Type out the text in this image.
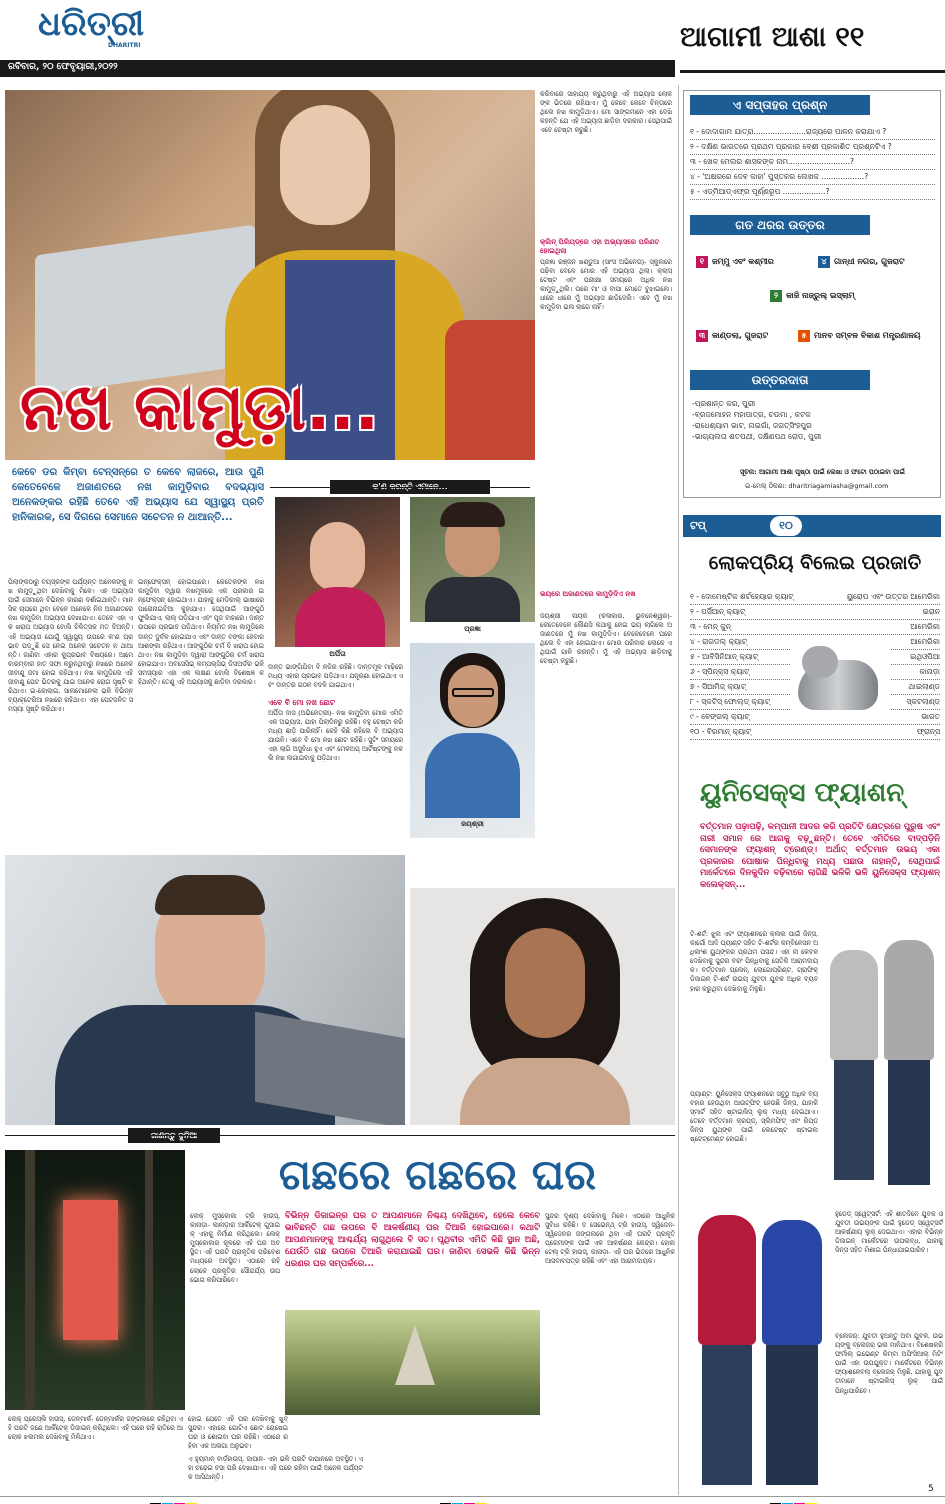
ଧରିତ୍ରୀ
DHARITRI
ରବିବାର, ୨୦ ଫେବୃୟାରୀ,୨୦୨୨
ଆଗାମୀ ଆଶା ୧୧
ନଖ କାମୁଡ଼ା...
କେବେ ଡର କିମ୍ବା ଟେନ୍‌ସନ୍‌ରେ ତ କେବେ ଲାଜରେ, ଆଉ ପୁଣି କେତେବେଳେ ଅଜାଣତରେ ନଖ କାମୁଡ଼ିବାର ବଦଭ୍ୟାସ ଅନେକଙ୍କର ରହିଛି ତେବେ ଏହି ଅଭ୍ୟାସ ଯେ ସ୍ୱାସ୍ଥ୍ୟ ପ୍ରତି ହାନିକାରକ, ସେ ଦିଗରେ ସେମାନେ ସଚେତନ ନ ଥାଆନ୍ତି...
ପିଲାଙ୍କଠାରୁ ବୟସ୍କଙ୍କ ପର୍ଯ୍ୟନ୍ତ ଅନେକଙ୍କୁ ନଖ କାମୁଡ଼ୁଥିବା ଦେଖିବାକୁ ମିଳେ। ଏହ ଅଭ୍ୟାସ ପାଇଁ ସେମାନେ ବିଭିନ୍ନ କାରଣ ଦର୍ଶାଇଥାନ୍ତି। ମାନସିକ ଚାପରେ ଥିବା ବେଳେ ଅନେକେ ନିଜ ଅଜାଣତରେ ନଖ କାମୁଡ଼ିବା ଅଭ୍ୟାସ ଦେଖାଯାଏ। ତେବେ ଏହା ଏକ ଖରାପ ଅଭ୍ୟାସ ବୋଲି ଚିକିତ୍ସକ ମତ ଦିଅନ୍ତି। ଏହି ଅଭ୍ୟାସ ଯୋଗୁଁ ସ୍ୱାସ୍ଥ୍ୟ ଉପରେ କ'ଣ ପ୍ରଭାବ ପଡ଼ୁଛି ସେ ନେଇ ଅନେକ ସଚେତନ ନ ଥାଆନ୍ତି। ଜାଣିବା ଏହାର କୁପ୍ରଭାବ ବିଷୟରେ। ଆମେ ବାରମ୍ବାର ହାତ ସଫା କରୁନଥିବାରୁ ନଖରେ ଅନେକ ଜୀବାଣୁ ଜମା ହୋଇ ରହିଥାଏ। ନଖ କାମୁଡ଼ିଲେ ଏହି ଜୀବାଣୁ ପେଟ ଭିତରକୁ ଯାଇ ଅନେକ ରୋଗ ସୃଷ୍ଟି କରିଥାଏ। ଇ-କୋଲାଇ, ସାଲମୋନେଲା ଭଳି ବିଭିନ୍ନ ବ୍ୟାକ୍ଟେରିଆ ନଖରେ ରହିଥାଏ। ଏହା ପେଟଜନିତ ସମସ୍ୟା ସୃଷ୍ଟି କରିଥାଏ।
ଇନ୍‌ଫେକ୍ସନ୍ ହୋଇପାରେ। କେତେକଙ୍କ ନଖ କାମୁଡ଼ିବା ଦ୍ୱାରା ନଖମୂଳରେ ଏକ ପ୍ରକାର ଇନ୍‌ଫେକ୍ସନ୍ ହୋଇଥାଏ। ଯାହାକୁ ମେଡିକାଲ୍ ଭାଷାରେ ପାରୋନାଇଚିଆ କୁହାଯାଏ। ସେଥିପାଇଁ ଆଙ୍ଗୁଠି ଫୁଲିଯାଏ, ଲାଲ୍ ପଡ଼ିଯାଏ ଏବଂ ପୂଜ ବାହାରେ। ଦାନ୍ତ ଉପରେ ପ୍ରଭାବ ପଡ଼ିଥାଏ। ନିୟମିତ ନଖ କାମୁଡ଼ିଲେ ଦାନ୍ତ ଦୁର୍ବଳ ହୋଇଯାଏ ଏବଂ ଦାନ୍ତ ବଙ୍କା ହେବାର ଆଶଙ୍କା ରହିଥାଏ। ଆଙ୍ଗୁଠିର ଚର୍ମ ବି ଖରାପ ହୋଇଥାଏ। ନଖ କାମୁଡ଼ିବା ଦ୍ୱାରା ଆଙ୍ଗୁଠିର ଚର୍ମ ଖରାପ ହୋଇଯାଏ। ଅବସେସିଭ୍ କମ୍ପଲ୍‌ସିଭ୍ ଡିସଅର୍ଡର ଭଳି ସମସ୍ୟାର ଏହା ଏକ ଲକ୍ଷଣ ବୋଲି ବିଶେଷଜ୍ଞ କହିଥାନ୍ତି। ତେଣୁ ଏହି ଅଭ୍ୟାସକୁ ଛାଡ଼ିବା ଦରକାର।
ଅର୍ପିତା
ପ୍ରଜ୍ଞା
ଦାନ୍ତ ଭାଙ୍ଗିଯିବା ବି ନଜିର ରହିଛି। ଦାନ୍ତମୂଳ ମାଢ଼ିରେ ମଧ୍ୟ ଏହାର ପ୍ରଭାବ ପଡ଼ିଥାଏ। ଯନ୍ତ୍ରଣା ହୋଇଥାଏ ଏବଂ ଦାନ୍ତର ଗଠନ ବଦଳି ଯାଇଥାଏ।
ଏବେ ବି ମୋ ନଖ ଛୋଟ
ଅର୍ପିତା ଦାସ (ଅଭିନେତ୍ରୀ)- ନଖ କାମୁଡ଼ିବା ମୋର ଏମିତି ଏକ ଅଭ୍ୟାସ, ଯାହା ପିଲାଦିନରୁ ରହିଛି। ବହୁ ଚେଷ୍ଟା କରି ମଧ୍ୟ ଛାଡ଼ି ପାରିନାହିଁ। କେହି କିଛି କହିଲେ ବି ଅଭ୍ୟାସ ଯାଉନି। ଏବେ ବି ମୋ ନଖ ଛୋଟ ରହିଛି। ସୁଟିଂ ସମୟରେ ଏହା ଲାଗି ଅସୁବିଧା ହୁଏ ଏବଂ ମେକଅପ୍ ଆର୍ଟିଷ୍ଟଙ୍କୁ ନକଲି ନଖ ଲଗାଇବାକୁ ପଡ଼ିଥାଏ।
ଜୟଶ୍ରୀ
କରିବାରେ ସାହାଯ୍ୟ କରୁଥିବାରୁ ଏହି ଅଭ୍ୟାସ ଲୋକଙ୍କ ଭିତରେ ରହିଯାଏ। ମୁଁ କେବେ କେବେ ଚିନ୍ତାରେ ଥିଲେ ନଖ କାମୁଡ଼ିଥାଏ। ମୋ ସାଙ୍ଗମାନେ ଏହା ଦେଖି କହନ୍ତି ଯେ ଏହି ଅଭ୍ୟାସ ଛାଡ଼ିବା ଦରକାର। ସେଥିପାଇଁ ଏବେ ଚେଷ୍ଟା କରୁଛି।
କ୍ଲିନ୍ ପିରିୟଡ୍‌ରେ ଏହା ଅଭ୍ୟାସରେ ପରିଣତ ହୋଇଥିଲା
ପ୍ରଜ୍ଞା ରଞ୍ଜନ ଖଣ୍ଡୁଆ (ସାଂସ ଅଭିନେତା)- ସ୍କୁଲରେ ପଢ଼ିବା ବେଳେ ମୋର ଏହି ଅଭ୍ୟାସ ଥିଲା। କ୍ଲାସ୍ ଟେଷ୍ଟ ଏବଂ ପରୀକ୍ଷା ସମୟରେ ଅଧିକ ନଖ କାମୁଡ଼ୁଥିଲି। ପରେ ମା' ଓ ବାପା ମୋତେ ବୁଝାଇଲେ। ଧୀରେ ଧୀରେ ମୁଁ ଅଭ୍ୟାସ ଛାଡ଼ିଦେଲି। ଏବେ ମୁଁ ନଖ କାମୁଡ଼ିବା ଭଲ ଲାଗେ ନାହିଁ।
ଭୟରେ ଅଜାଣତରେ କାମୁଡ଼ିଦିଏ ନଖ
ଜୟଶ୍ରୀ ନାୟକ (କଳାକାର, ଭୁବନେଶ୍ୱର)- କେତେବେଳେ କୌଣସି କଥାକୁ ନେଇ ଭୟ ଲାଗିଲେ ଅଜାଣତରେ ମୁଁ ନଖ କାମୁଡ଼ିଦିଏ। ବେଳେବେଳେ ଘରେ ଥିଲେ ବି ଏହା ହୋଇଯାଏ। ମୋର ପରିବାର ଲୋକେ ଏଥିପାଇଁ ଗାଳି କରନ୍ତି। ମୁଁ ଏହି ଅଭ୍ୟାସ ଛାଡ଼ିବାକୁ ଚେଷ୍ଟା କରୁଛି।
ଏ ସପ୍ତାହର ପ୍ରଶ୍ନ
୧ - ଦୋଦାଗାମ ଯାତ୍ରା......................ରାଜ୍ୟରେ ପାଳନ କରାଯାଏ ?
୨ - ଦକ୍ଷିଣ ଭାରତରେ ପ୍ରଥମ ପ୍ରକାର ବେଶୀ ପ୍ରକାଶିତ ପ୍ରଶ୍ନଟିଏ ?
୩ - ଖେଳ ମେଲର ଶାସକଙ୍କ ନାମ..........................?
୪ - 'ଅକ୍ଷରରେ ଦେବ କାହା' ପୁସ୍ତକର ଲେଖକ ..................?
୫ - ଏଡ୍‌ମିଆଡ୍‌ଏଫ୍‌ର ପୂର୍ଣ୍ଣରୂପ ..................?
ଗତ ଥରର ଉତ୍ତର
୧ ଜମ୍ମୁ ଏବଂ କଶ୍ମୀର	୪ ଗାନ୍ଧୀ ନଗର, ଗୁଜରାଟ
୨	କାଜି ନାଜ୍‌ରୁଲ୍ ଇସ୍‌ଲାମ୍
୩ କାଣ୍ଡଲା, ଗୁଜରାଟ	୫ ମାନବ ସମ୍ବଳ ବିକାଶ ମନ୍ତ୍ରଣାଳୟ
ଉତ୍ତରଦାତା
-ପ୍ରଶାନ୍ତ କର, ପୁରୀ
-ବ୍ରଜମୋହନ ମହାପାତ୍ର, ଚଉମା , କଟକ
-ରାଧେଶ୍ୟାମ ଭାଟ, ନାଇଗାଁ, ଜଗତ୍‌ସିଂହପୁର
-ଭାଗ୍ୟଲତା ଶତପଥୀ, ଦକ୍ଷିଣପଥ ରୋଡ, ପୁରୀ
ସୂଚନା: ଆଗାମୀ ଆଶା ପୃଷ୍ଠା ପାଇଁ ଲେଖା ଓ ଫଟୋ ପଠାଇବା ପାଇଁ
ଇ-ମେଲ୍ ଠିକଣା: dharitriagamiasha@gmail.com
ଟପ୍	୧୦
ଲୋକପ୍ରିୟ ବିଲେଇ ପ୍ରଜାତି
୧ - ଦୋମେଷ୍ଟିକ ଶର୍ଟହେୟାର କ୍ୟାଟ୍	ୟୁରୋପ ଏବଂ ଉତ୍ତର ଆମେରିକା
୨ - ପର୍ସିଆନ୍ କ୍ୟାଟ୍	ଇରାନ
୩ - ମେନ୍ କୁନ୍	ଆମେରିକା
୪ - ରାଗଡଲ୍ କ୍ୟାଟ୍	ଆମେରିକା
୫ - ଆବିସିନିଆନ୍ କ୍ୟାଟ୍	ଇଥିଓପିଆ
୬ - ସ୍ପିନ୍‌କ୍ସ କ୍ୟାଟ୍	କାନାଡ଼ା
୭ - ସିଆମିଜ୍ କ୍ୟାଟ୍	ଥାଇଲାଣ୍ଡ
୮ - ସ୍କଟିସ୍ ଫୋଲ୍ଡ୍ କ୍ୟାଟ୍	ସ୍କଟଲାଣ୍ଡ
୯ - ବେଙ୍ଗଲ୍ କ୍ୟାଟ୍	ଭାରତ
୧୦ - ବିରମାନ୍ କ୍ୟାଟ୍	ଫ୍ରାନ୍ସ
ୟୁନିସେକ୍ସ ଫ୍ୟାଶନ୍
ବର୍ତ୍ତମାନ ପଢ଼ାପଢ଼ି, କମ୍ପାନୀ ଆଦର କରି ପ୍ରତିଟି କ୍ଷେତ୍ରରେ ପୁରୁଷ ଏବଂ ନାରୀ ସମାନ ରେ ଆଗକୁ ବଢ଼ୁଛନ୍ତି। ତେବେ ଏମିତିରେ ବାଦ୍‌ପଡ଼ିନି ସେମାନଙ୍କ ଫ୍ୟାଶନ୍ ଟ୍ରେଣ୍ଡ୍। ଅର୍ଥାତ୍ ବର୍ତ୍ତମାନ ଉଭୟ ଏକା ପ୍ରକାରର ପୋଷାକ ପିନ୍ଧିବାକୁ ମଧ୍ୟ ପଛାଉ ନାହାନ୍ତି, ସେଥିପାଇଁ ମାର୍କେଟରେ ଦିନକୁଦିନ ବଢ଼ିବାରେ ଲାଗିଛି ଭଳିକି ଭଳି ୟୁନିସେକ୍ସ ଫ୍ୟାଶନ୍ କଲେକ୍‌ସନ୍...
ଟି-ଶର୍ଟ: ଝୁଲ ଏବଂ ଫ୍ୟାଶନରେ କ୍ଲଲ ପାଇଁ ଜିନ୍ସ, କାର୍ଗୋ ଆଦି ପ୍ୟାଣ୍ଟ ସହିତ ଟି-ଶର୍ଟର କମ୍ବିନେସନ ଅଧିକାଂଶ ୟୁଥ୍‌ଙ୍କର ପ୍ରଥମ ପସନ୍ଦ। ଏହା ନା କେବଳ ଦେଖିବାକୁ ସୁନ୍ଦର ବରଂ ପିନ୍ଧିବାକୁ ସେତିକି ଆରାମଦାୟକ। ବର୍ତ୍ତମାନ ପ୍ଲେନ୍, ଲୋଗୋପ୍ରିଣ୍ଟ, ଗ୍ରାଫିକ୍ ଡିଜାଇନ୍ ଟି-ଶର୍ଟ ଉଭୟ ଯୁବତୀ ଯୁବକ ଅଧିକ ବ୍ୟବହାର କରୁଥିବା ଦେଖିବାକୁ ମିଳୁଛି।
ପ୍ୟାଣ୍ଟ: ୟୁନିସେକ୍ସ ଫ୍ୟାଶନରେ ସବୁଠୁ ଅଧିକ ବ୍ୟବହାର ହେଉଥିବା ଆଉଟ୍‌ଫିଟ୍ ହେଉଛି ଜିନ୍ସ, ଯାହାକି ସ୍ମାର୍ଟ ସହିତ ଷ୍ଟାଇଲିସ୍ ଲୁକ୍ ମଧ୍ୟ ଦେଇଥାଏ। ତେବେ ବର୍ତ୍ତମାନ କ୍ରପ୍‌ଡ୍, ସ୍ଲିମଫିଟ୍ ଏବଂ ରିପ୍‌ଡ୍ ଜିନ୍ସ ୟୁଥ୍‌ଙ୍କ ପାଇଁ ଲେଟେଷ୍ଟ ଷ୍ଟାଇଲ ଷ୍ଟେଟ୍‌ମେଣ୍ଟ ହୋଇଛି।
ହୁଡେଡ୍ ସ୍ୱେଟ୍‌ସର୍ଟ: ଏହି ଶୀତଦିନେ ଯୁବକ ଓ ଯୁବତୀ ଉଭୟଙ୍କ ପାଇଁ ହୁଡେଡ୍ ସ୍ୱେଟ୍‌ସର୍ଟ ଆକର୍ଷଣୀୟ ଲୁକ୍ ଦେଇଥାଏ। ଏହାର ବିଭିନ୍ନ ଡିଜାଇନ୍ ମାର୍କେଟରେ ଉପଲବ୍ଧ, ଯାହାକୁ ଜିନ୍ସ ସହିତ ମିଶାଇ ପିନ୍ଧାଯାଇପାରିବ।
ବ୍ଲେଜର୍: ଯୁବତୀ ହୁଅନ୍ତୁ ଅବା ଯୁବକ, ଉଭୟଙ୍କୁ ବ୍ଲେଜର୍ ଭଲ ମାନିଥାଏ। ବିଶେଷକରି ଫର୍ମାଲ୍ ଇଭେଣ୍ଟ କିମ୍ବା ଅଫିସିଆଲ୍ ମିଟିଂ ପାଇଁ ଏହା ଉପଯୁକ୍ତ। ମାର୍କେଟରେ ବିଭିନ୍ନ ଫ୍ୟାଶନେବଲ୍ ବ୍ଲେଜର୍ ମିଳୁଛି, ଯାହାକୁ ଯୁବତୀମାନେ ଷ୍ଟାଇଲିସ୍ ଲୁକ୍ ପାଇଁ ପିନ୍ଧିପାରିବେ।
ଗଛରେ ଗଛରେ ଘର
ବିଭିନ୍ନ ଡିଜାଇନ୍‌ର ଘର ତ ଆପଣମାନେ ନିଶ୍ଚୟ ଦେଖିଥିବେ, ହେଲେ କେବେ ଭାବିଛନ୍ତି ଗଛ ଉପରେ ବି ଆକର୍ଷଣୀୟ ଘର ତିଆରି ହୋଇପାରେ। କଥାଟି ଆପଣମାନଙ୍କୁ ଆଶ୍ଚର୍ଯ୍ୟ ଲାଗୁଥିଲେ ବି ସତ। ପୃଥିବୀର ଏମିତି କିଛି ସ୍ଥାନ ଅଛି, ଯେଉଁଠି ଗଛ ଉପରେ ତିଆରି କରାଯାଇଛି ଘର। ଜାଣିବା ସେଭଳି କିଛି ଭିନ୍ନ ଧରଣର ଘର ସମ୍ପର୍କରେ...
ଲେକ୍ ମୁସ୍କୋକା ଟ୍ରି ହାଉସ୍, କାନାଡ଼ା- କାନାଡ଼ାର ଆର୍କିଟେକ୍ ଗୁସାଇକ୍ ଏହାକୁ ନିର୍ମାଣ କରିଥିଲେ। ଲେକ୍ ମୁସ୍କୋକାର କୂଳରେ ଏହି ଘର ଅବସ୍ଥିତ। ଏହି ଘରଟି ପ୍ରାକୃତିକ ପରିବେଶ ମଧ୍ୟରେ ଅବସ୍ଥିତ। ଏଠାରେ ରହି ଲୋକେ ପ୍ରକୃତିର ସୌନ୍ଦର୍ଯ୍ୟ ଉପଭୋଗ କରିପାରିବେ।
ଲେକ୍ ପ୍ରେସ୍‌ଲି ହାଉସ୍, ଡେନ୍‌ମାର୍କ- ଡେନ୍‌ମାର୍କର ଜଙ୍ଗଲରେ ରହିଥିବା ଏହି ଘରଟି ଜଣେ ଆର୍କିଟେକ୍ ଡିଜାଇନ୍ କରିଥିଲେ। ଏହି ଘରେ ରହି ରାତିରେ ଆଲୋକ ଝଲମଲ ଦେଖିବାକୁ ମିଳିଥାଏ।
ହୋଇ ଯେତେ ଏହି ଘର ଦେଖିବାକୁ ଖୁବ୍ ସୁନ୍ଦର। ଏହାରେ ଗୋଟିଏ ଛୋଟ ରୋଷେଇ ଘର ଓ ଶୋଇବା ଘର ରହିଛି। ଏଠାରେ ରହିବା ଏକ ଅଲଗା ଅନୁଭବ।
ଏ ହ୍ୟୁମାନ୍ ବାର୍ଡ଼ହାଉସ୍, ଜାପାନ- ଏହା ଭଳି ଘରଟି ଜାପାନରେ ଅବସ୍ଥିତ। ଏହା ଚଢ଼େଇ ବସା ପରି ଦେଖାଯାଏ। ଏହି ଘରେ ରହିବା ପାଇଁ ଅନେକ ପର୍ଯ୍ୟଟକ ଆସିଥାନ୍ତି।
ସୁନ୍ଦର ଦୃଶ୍ୟ ଦେଖିବାକୁ ମିଳେ। ଏଠାରେ ଆଧୁନିକ ସୁବିଧା ରହିଛି। ଦ ସେଭେନ୍‌ଥ୍ ଟ୍ରି ହାଉସ୍, ସ୍ୱିଡେନ- ସ୍ୱିଡେନର ଜଙ୍ଗଲରେ ଥିବା ଏହି ଘରଟି ପ୍ରକୃତି ପ୍ରେମୀଙ୍କ ପାଇଁ ଏକ ଆକର୍ଷଣର କେନ୍ଦ୍ର। ହୋଲଟେଲ୍ ଟ୍ରି ହାଉସ୍, କାନାଡ଼ା- ଏହି ଘର ଭିତରେ ଆଧୁନିକ ଆସବାବପତ୍ର ରହିଛି ଏବଂ ଏହା ଆରାମଦାୟକ।
5
